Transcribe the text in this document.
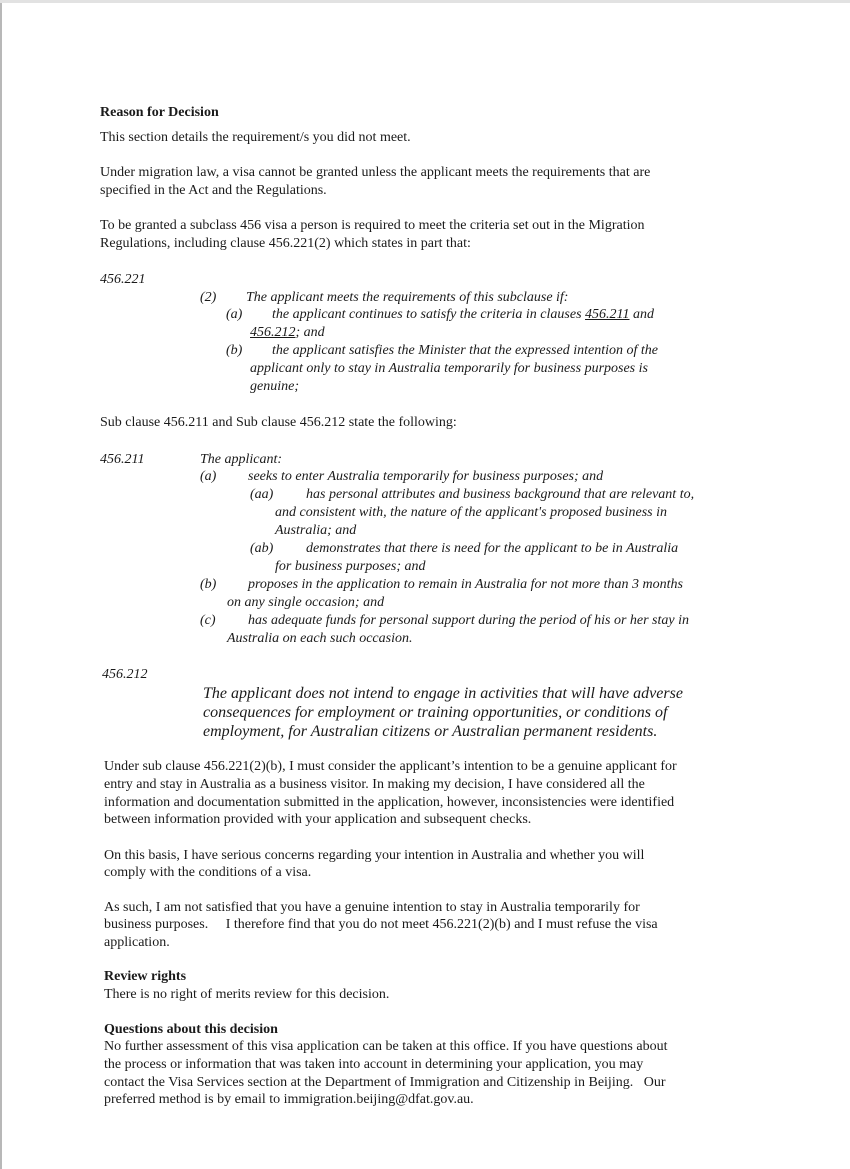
Reason for Decision
This section details the requirement/s you did not meet.
Under migration law, a visa cannot be granted unless the applicant meets the requirements that are
specified in the Act and the Regulations.
To be granted a subclass 456 visa a person is required to meet the criteria set out in the Migration
Regulations, including clause 456.221(2) which states in part that:
456.221
(2) The applicant meets the requirements of this subclause if:
(a) the applicant continues to satisfy the criteria in clauses 456.211 and
456.212; and
(b) the applicant satisfies the Minister that the expressed intention of the
applicant only to stay in Australia temporarily for business purposes is
genuine;
Sub clause 456.211 and Sub clause 456.212 state the following:
456.211	The applicant:
(a) seeks to enter Australia temporarily for business purposes; and
(aa) has personal attributes and business background that are relevant to,
and consistent with, the nature of the applicant's proposed business in
Australia; and
(ab) demonstrates that there is need for the applicant to be in Australia
for business purposes; and
(b) proposes in the application to remain in Australia for not more than 3 months
on any single occasion; and
(c) has adequate funds for personal support during the period of his or her stay in
Australia on each such occasion.
456.212
The applicant does not intend to engage in activities that will have adverse
consequences for employment or training opportunities, or conditions of
employment, for Australian citizens or Australian permanent residents.
Under sub clause 456.221(2)(b), I must consider the applicant’s intention to be a genuine applicant for
entry and stay in Australia as a business visitor. In making my decision, I have considered all the
information and documentation submitted in the application, however, inconsistencies were identified
between information provided with your application and subsequent checks.
On this basis, I have serious concerns regarding your intention in Australia and whether you will
comply with the conditions of a visa.
As such, I am not satisfied that you have a genuine intention to stay in Australia temporarily for
business purposes.     I therefore find that you do not meet 456.221(2)(b) and I must refuse the visa
application.
Review rights
There is no right of merits review for this decision.
Questions about this decision
No further assessment of this visa application can be taken at this office. If you have questions about
the process or information that was taken into account in determining your application, you may
contact the Visa Services section at the Department of Immigration and Citizenship in Beijing.   Our
preferred method is by email to immigration.beijing@dfat.gov.au.
